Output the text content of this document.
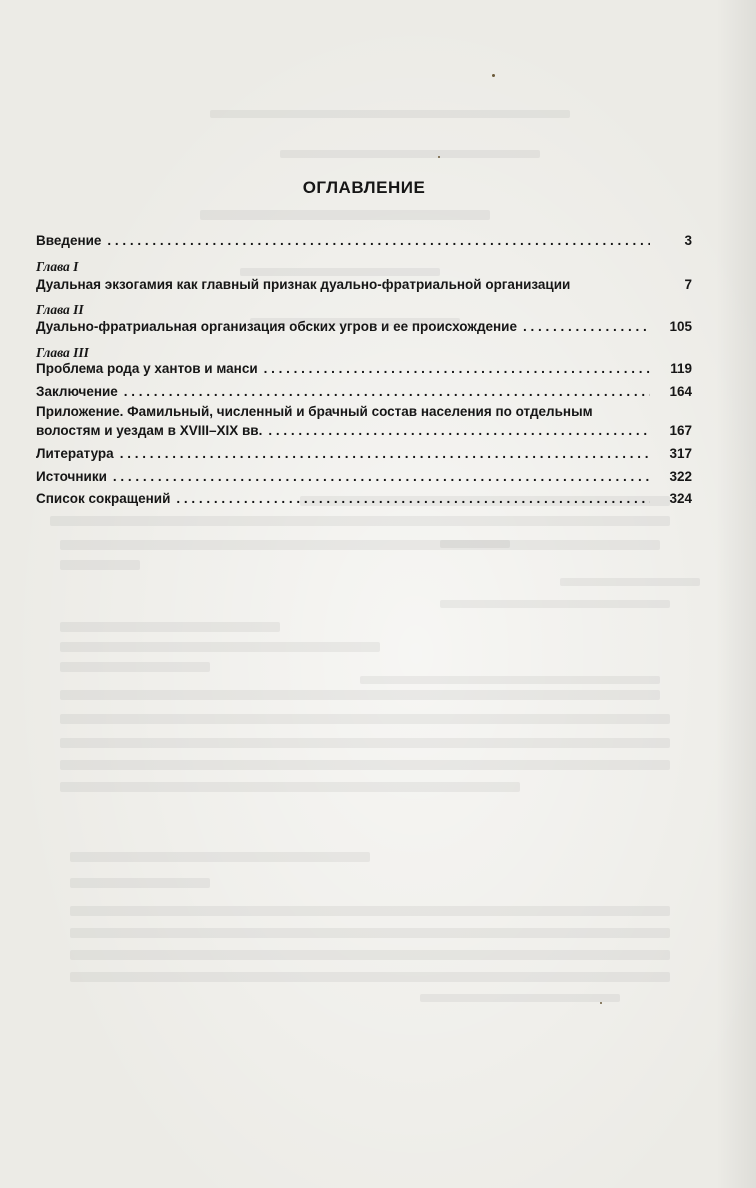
ОГЛАВЛЕНИЕ
Введение . . .	3
Глава I
Дуальная экзогамия как главный признак дуально-фратриальной организации	7
Глава II
Дуально-фратриальная организация обских угров и ее происхождение . . .	105
Глава III
Проблема рода у хантов и манси . . .	119
Заключение . . .	164
Приложение. Фамильный, численный и брачный состав населения по отдельным
волостям и уездам в XVIII–XIX вв. . . .	167
Литература . . .	317
Источники . . .	322
Список сокращений . . .	324
